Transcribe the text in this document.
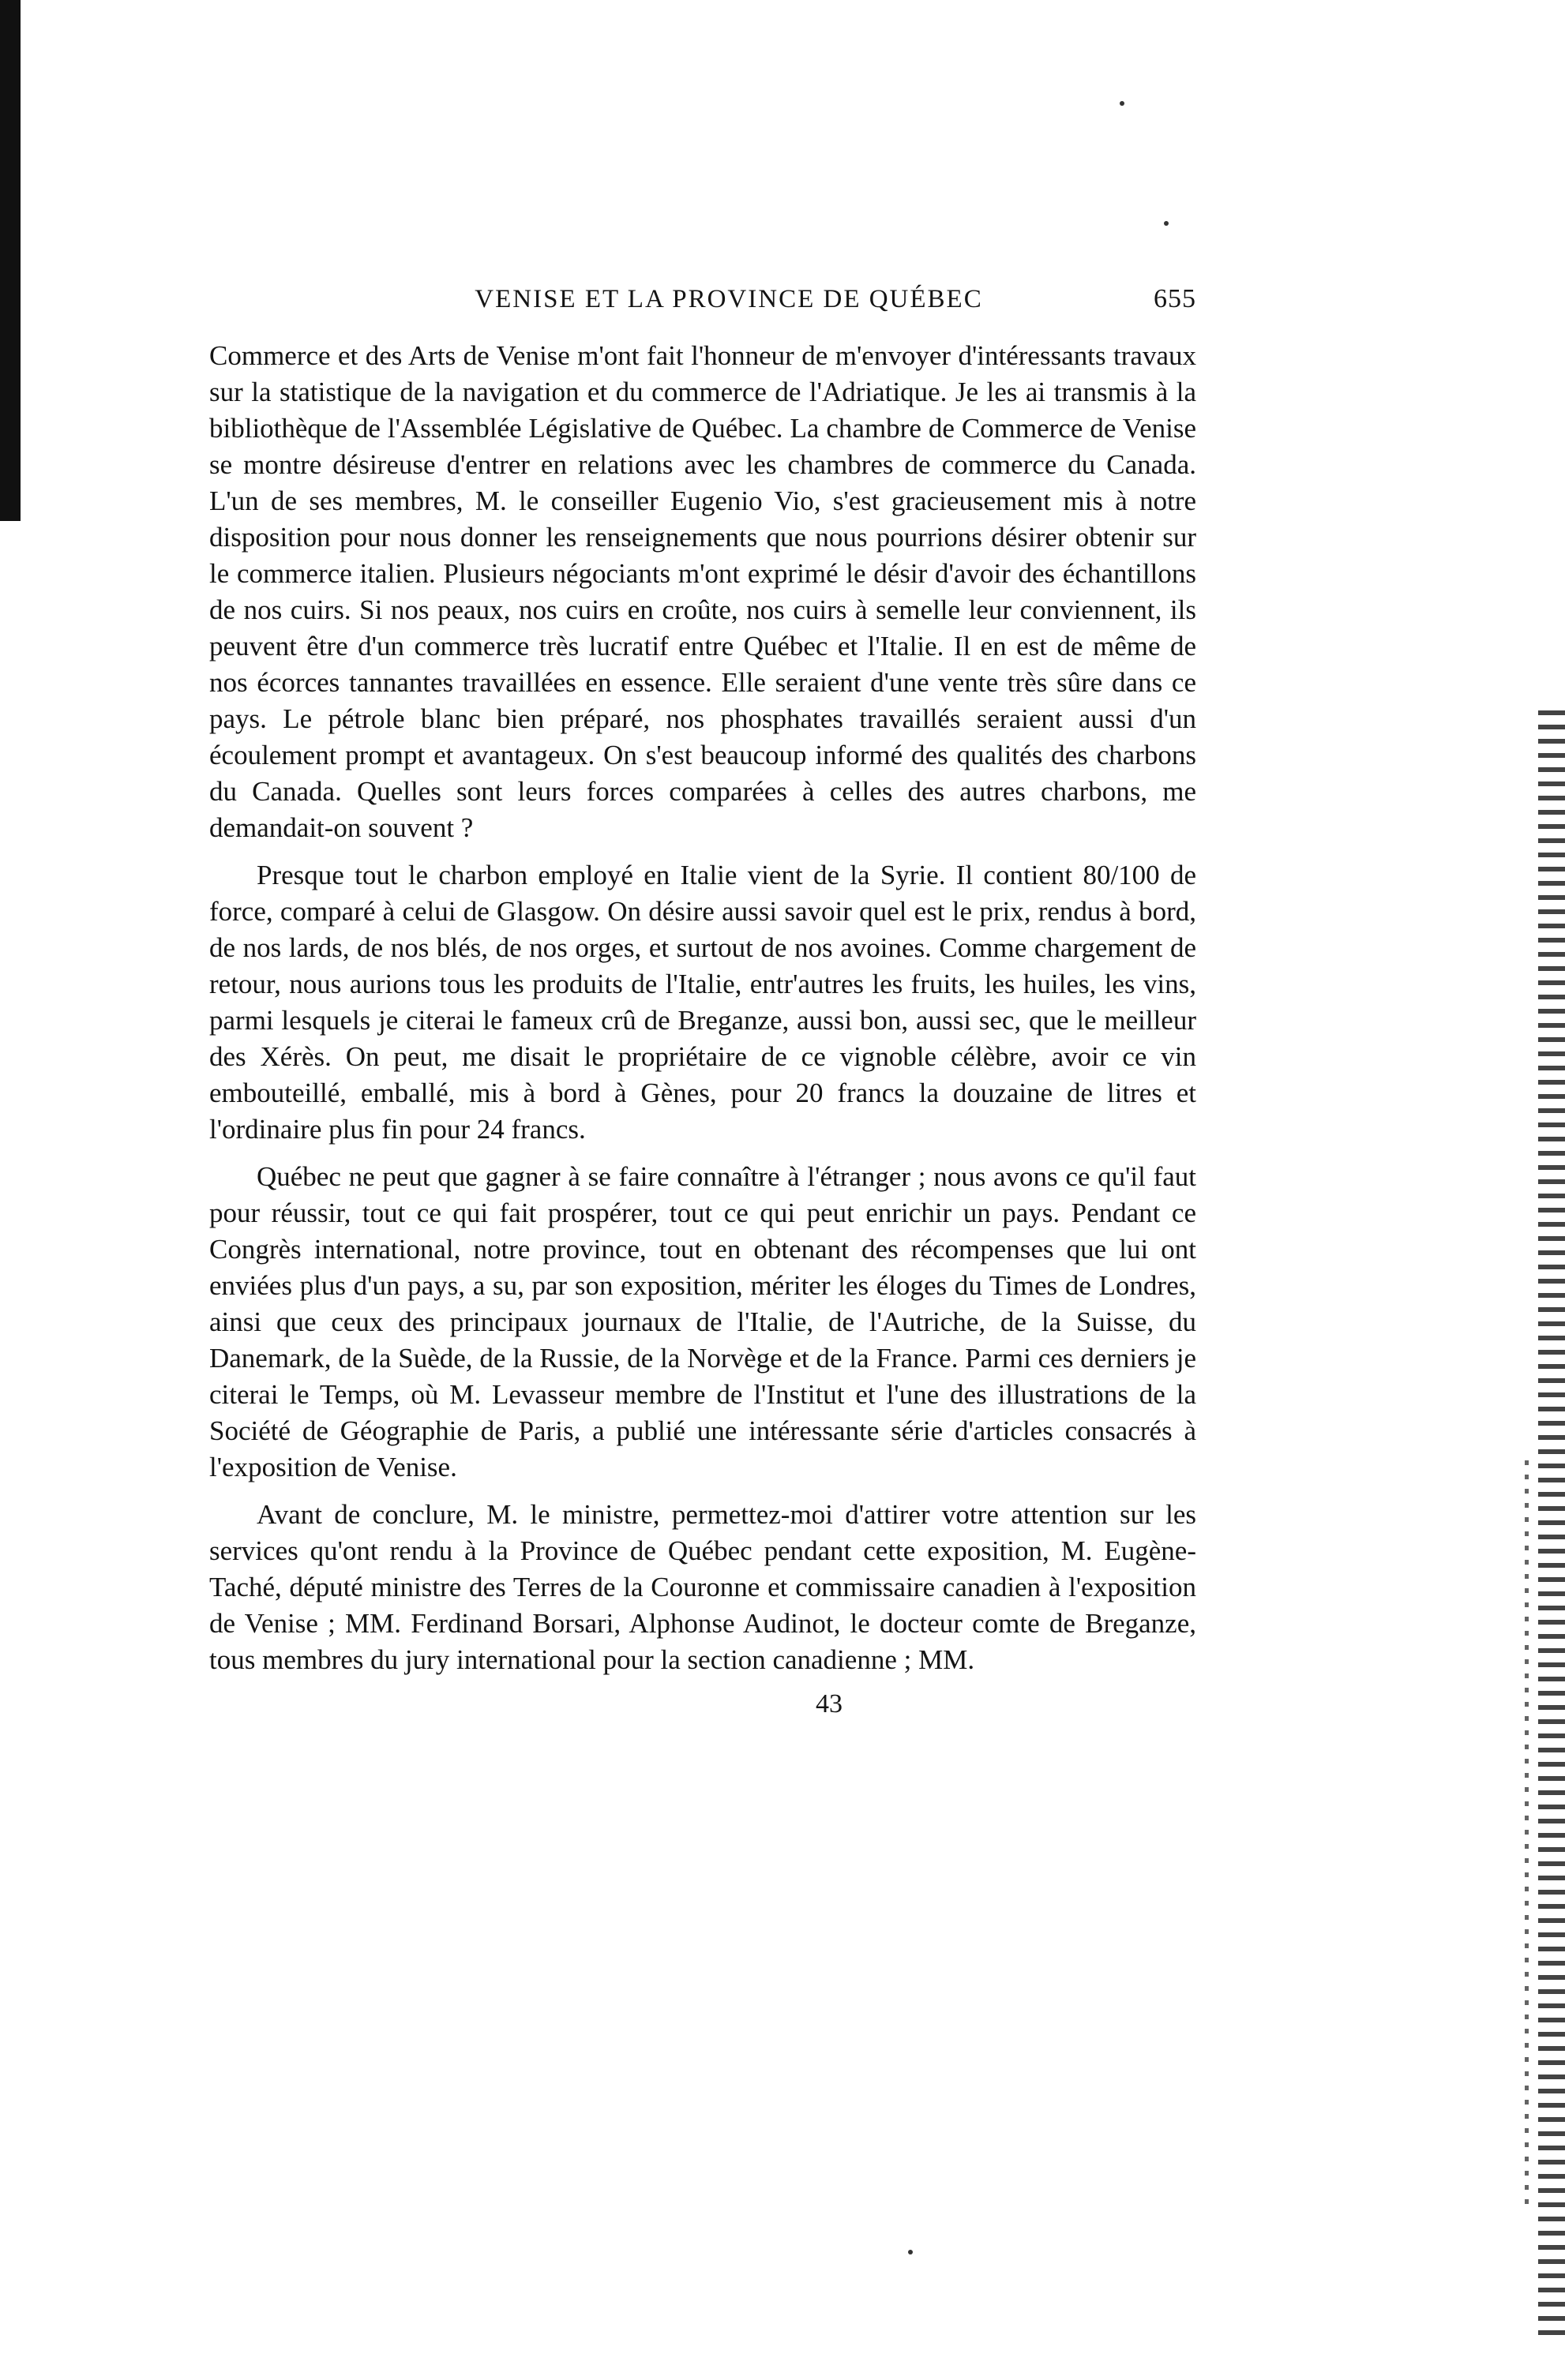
VENISE ET LA PROVINCE DE QUÉBEC	655

Commerce et des Arts de Venise m'ont fait l'honneur de m'envoyer d'intéressants travaux sur la statistique de la navigation et du commerce de l'Adriatique. Je les ai transmis à la bibliothèque de l'Assemblée Législative de Québec. La chambre de Commerce de Venise se montre désireuse d'entrer en relations avec les chambres de commerce du Canada. L'un de ses membres, M. le conseiller Eugenio Vio, s'est gracieusement mis à notre disposition pour nous donner les renseignements que nous pourrions désirer obtenir sur le commerce italien. Plusieurs négociants m'ont exprimé le désir d'avoir des échantillons de nos cuirs. Si nos peaux, nos cuirs en croûte, nos cuirs à semelle leur conviennent, ils peuvent être d'un commerce très lucratif entre Québec et l'Italie. Il en est de même de nos écorces tannantes travaillées en essence. Elle seraient d'une vente très sûre dans ce pays. Le pétrole blanc bien préparé, nos phosphates travaillés seraient aussi d'un écoulement prompt et avantageux. On s'est beaucoup informé des qualités des charbons du Canada. Quelles sont leurs forces comparées à celles des autres charbons, me demandait-on souvent ?

Presque tout le charbon employé en Italie vient de la Syrie. Il contient 80/100 de force, comparé à celui de Glasgow. On désire aussi savoir quel est le prix, rendus à bord, de nos lards, de nos blés, de nos orges, et surtout de nos avoines. Comme chargement de retour, nous aurions tous les produits de l'Italie, entr'autres les fruits, les huiles, les vins, parmi lesquels je citerai le fameux crû de Breganze, aussi bon, aussi sec, que le meilleur des Xérès. On peut, me disait le propriétaire de ce vignoble célèbre, avoir ce vin embouteillé, emballé, mis à bord à Gènes, pour 20 francs la douzaine de litres et l'ordinaire plus fin pour 24 francs.

Québec ne peut que gagner à se faire connaître à l'étranger ; nous avons ce qu'il faut pour réussir, tout ce qui fait prospérer, tout ce qui peut enrichir un pays. Pendant ce Congrès international, notre province, tout en obtenant des récompenses que lui ont enviées plus d'un pays, a su, par son exposition, mériter les éloges du Times de Londres, ainsi que ceux des principaux journaux de l'Italie, de l'Autriche, de la Suisse, du Danemark, de la Suède, de la Russie, de la Norvège et de la France. Parmi ces derniers je citerai le Temps, où M. Levasseur membre de l'Institut et l'une des illustrations de la Société de Géographie de Paris, a publié une intéressante série d'articles consacrés à l'exposition de Venise.

Avant de conclure, M. le ministre, permettez-moi d'attirer votre attention sur les services qu'ont rendu à la Province de Québec pendant cette exposition, M. Eugène-Taché, député ministre des Terres de la Couronne et commissaire canadien à l'exposition de Venise ; MM. Ferdinand Borsari, Alphonse Audinot, le docteur comte de Breganze, tous membres du jury international pour la section canadienne ; MM.

43
